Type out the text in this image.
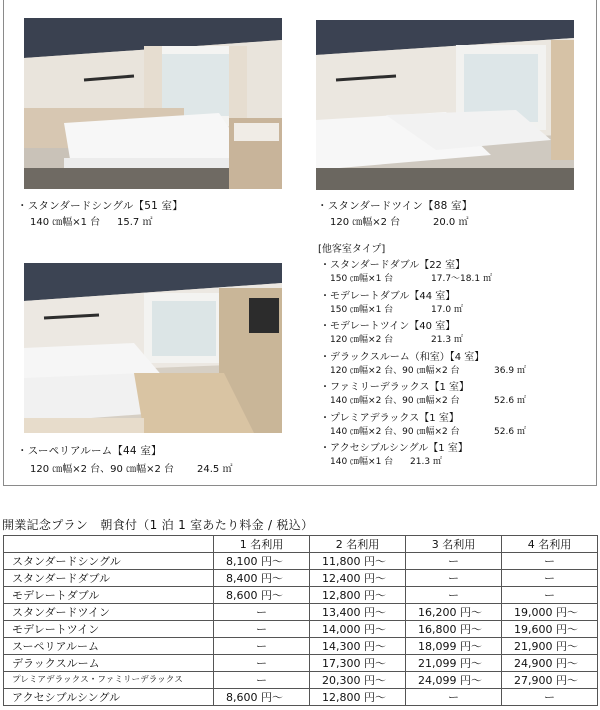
・スタンダードシングル【51 室】
140 ㎝幅×1 台 15.7 ㎡
・スタンダードツイン【88 室】
120 ㎝幅×2 台	20.0 ㎡
・スーペリアルーム【44 室】
120 ㎝幅×2 台、90 ㎝幅×2 台 24.5 ㎡
[他客室タイプ]
・スタンダードダブル【22 室】
150 ㎝幅×1 台	17.7～18.1 ㎡
・モデレートダブル【44 室】
150 ㎝幅×1 台	17.0 ㎡
・モデレートツイン【40 室】
120 ㎝幅×2 台	21.3 ㎡
・デラックスルーム（和室）【4 室】
120 ㎝幅×2 台、90 ㎝幅×2 台	36.9 ㎡
・ファミリーデラックス【1 室】
140 ㎝幅×2 台、90 ㎝幅×2 台	52.6 ㎡
・プレミアデラックス【1 室】
140 ㎝幅×2 台、90 ㎝幅×2 台	52.6 ㎡
・アクセシブルシングル【1 室】
140 ㎝幅×1 台 21.3 ㎡
開業記念プラン　朝食付（1 泊 1 室あたり料金 / 税込）
	1 名利用	2 名利用	3 名利用	4 名利用
スタンダードシングル	8,100 円～	11,800 円～	ー	ー
スタンダードダブル	8,400 円～	12,400 円～	ー	ー
モデレートダブル	8,600 円～	12,800 円～	ー	ー
スタンダードツイン	ー	13,400 円～	16,200 円～	19,000 円～
モデレートツイン	ー	14,000 円～	16,800 円～	19,600 円～
スーペリアルーム	ー	14,300 円～	18,099 円～	21,900 円～
デラックスルーム	ー	17,300 円～	21,099 円～	24,900 円～
プレミアデラックス・ファミリーデラックス	ー	20,300 円～	24,099 円～	27,900 円～
アクセシブルシングル	8,600 円～	12,800 円～	ー	ー
